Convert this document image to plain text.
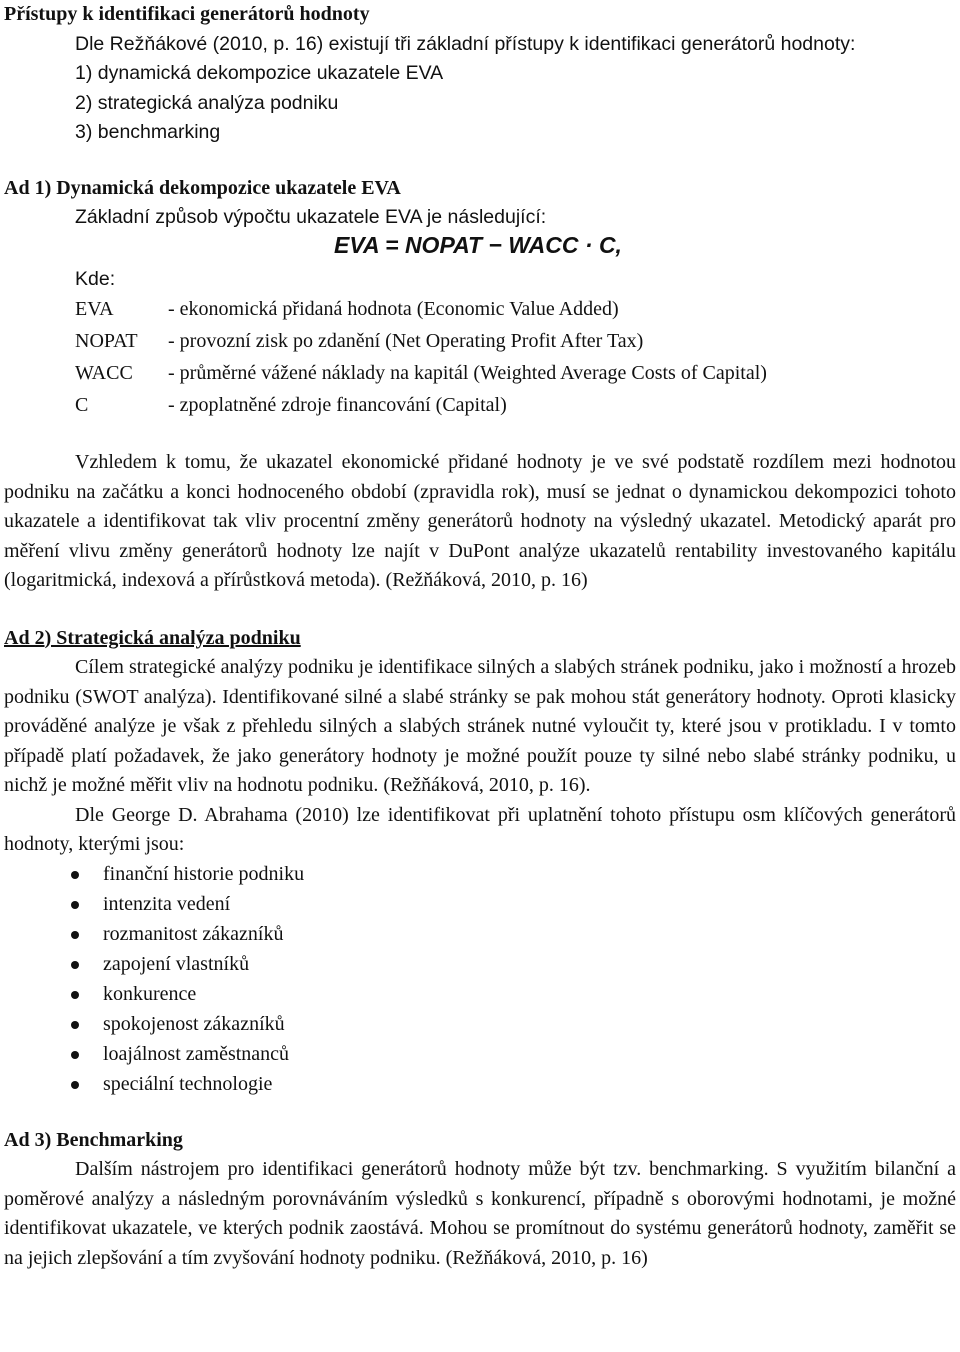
Přístupy k identifikaci generátorů hodnoty

Dle Režňákové (2010, p. 16) existují tři základní přístupy k identifikaci generátorů hodnoty:

1) dynamická dekompozice ukazatele EVA
2) strategická analýza podniku
3) benchmarking

Ad 1) Dynamická dekompozice ukazatele EVA

Základní způsob výpočtu ukazatele EVA je následující:

EVA = NOPAT − WACC · C,

Kde:

EVA	- ekonomická přidaná hodnota (Economic Value Added)
NOPAT	- provozní zisk po zdanění (Net Operating Profit After Tax)
WACC	- průměrné vážené náklady na kapitál (Weighted Average Costs of Capital)
C	- zpoplatněné zdroje financování (Capital)

Vzhledem k tomu, že ukazatel ekonomické přidané hodnoty je ve své podstatě rozdílem mezi hodnotou podniku na začátku a konci hodnoceného období (zpravidla rok), musí se jednat o dynamickou dekompozici tohoto ukazatele a identifikovat tak vliv procentní změny generátorů hodnoty na výsledný ukazatel. Metodický aparát pro měření vlivu změny generátorů hodnoty lze najít v DuPont analýze ukazatelů rentability investovaného kapitálu (logaritmická, indexová a přírůstková metoda). (Režňáková, 2010, p. 16)

Ad 2) Strategická analýza podniku

Cílem strategické analýzy podniku je identifikace silných a slabých stránek podniku, jako i možností a hrozeb podniku (SWOT analýza). Identifikované silné a slabé stránky se pak mohou stát generátory hodnoty. Oproti klasicky prováděné analýze je však z přehledu silných a slabých stránek nutné vyloučit ty, které jsou v protikladu. I v tomto případě platí požadavek, že jako generátory hodnoty je možné použít pouze ty silné nebo slabé stránky podniku, u nichž je možné měřit vliv na hodnotu podniku. (Režňáková, 2010, p. 16).

Dle George D. Abrahama (2010) lze identifikovat při uplatnění tohoto přístupu osm klíčových generátorů hodnoty, kterými jsou:

finanční historie podniku
intenzita vedení
rozmanitost zákazníků
zapojení vlastníků
konkurence
spokojenost zákazníků
loajálnost zaměstnanců
speciální technologie

Ad 3) Benchmarking

Dalším nástrojem pro identifikaci generátorů hodnoty může být tzv. benchmarking. S využitím bilanční a poměrové analýzy a následným porovnáváním výsledků s konkurencí, případně s oborovými hodnotami, je možné identifikovat ukazatele, ve kterých podnik zaostává. Mohou se promítnout do systému generátorů hodnoty, zaměřit se na jejich zlepšování a tím zvyšování hodnoty podniku. (Režňáková, 2010, p. 16)
